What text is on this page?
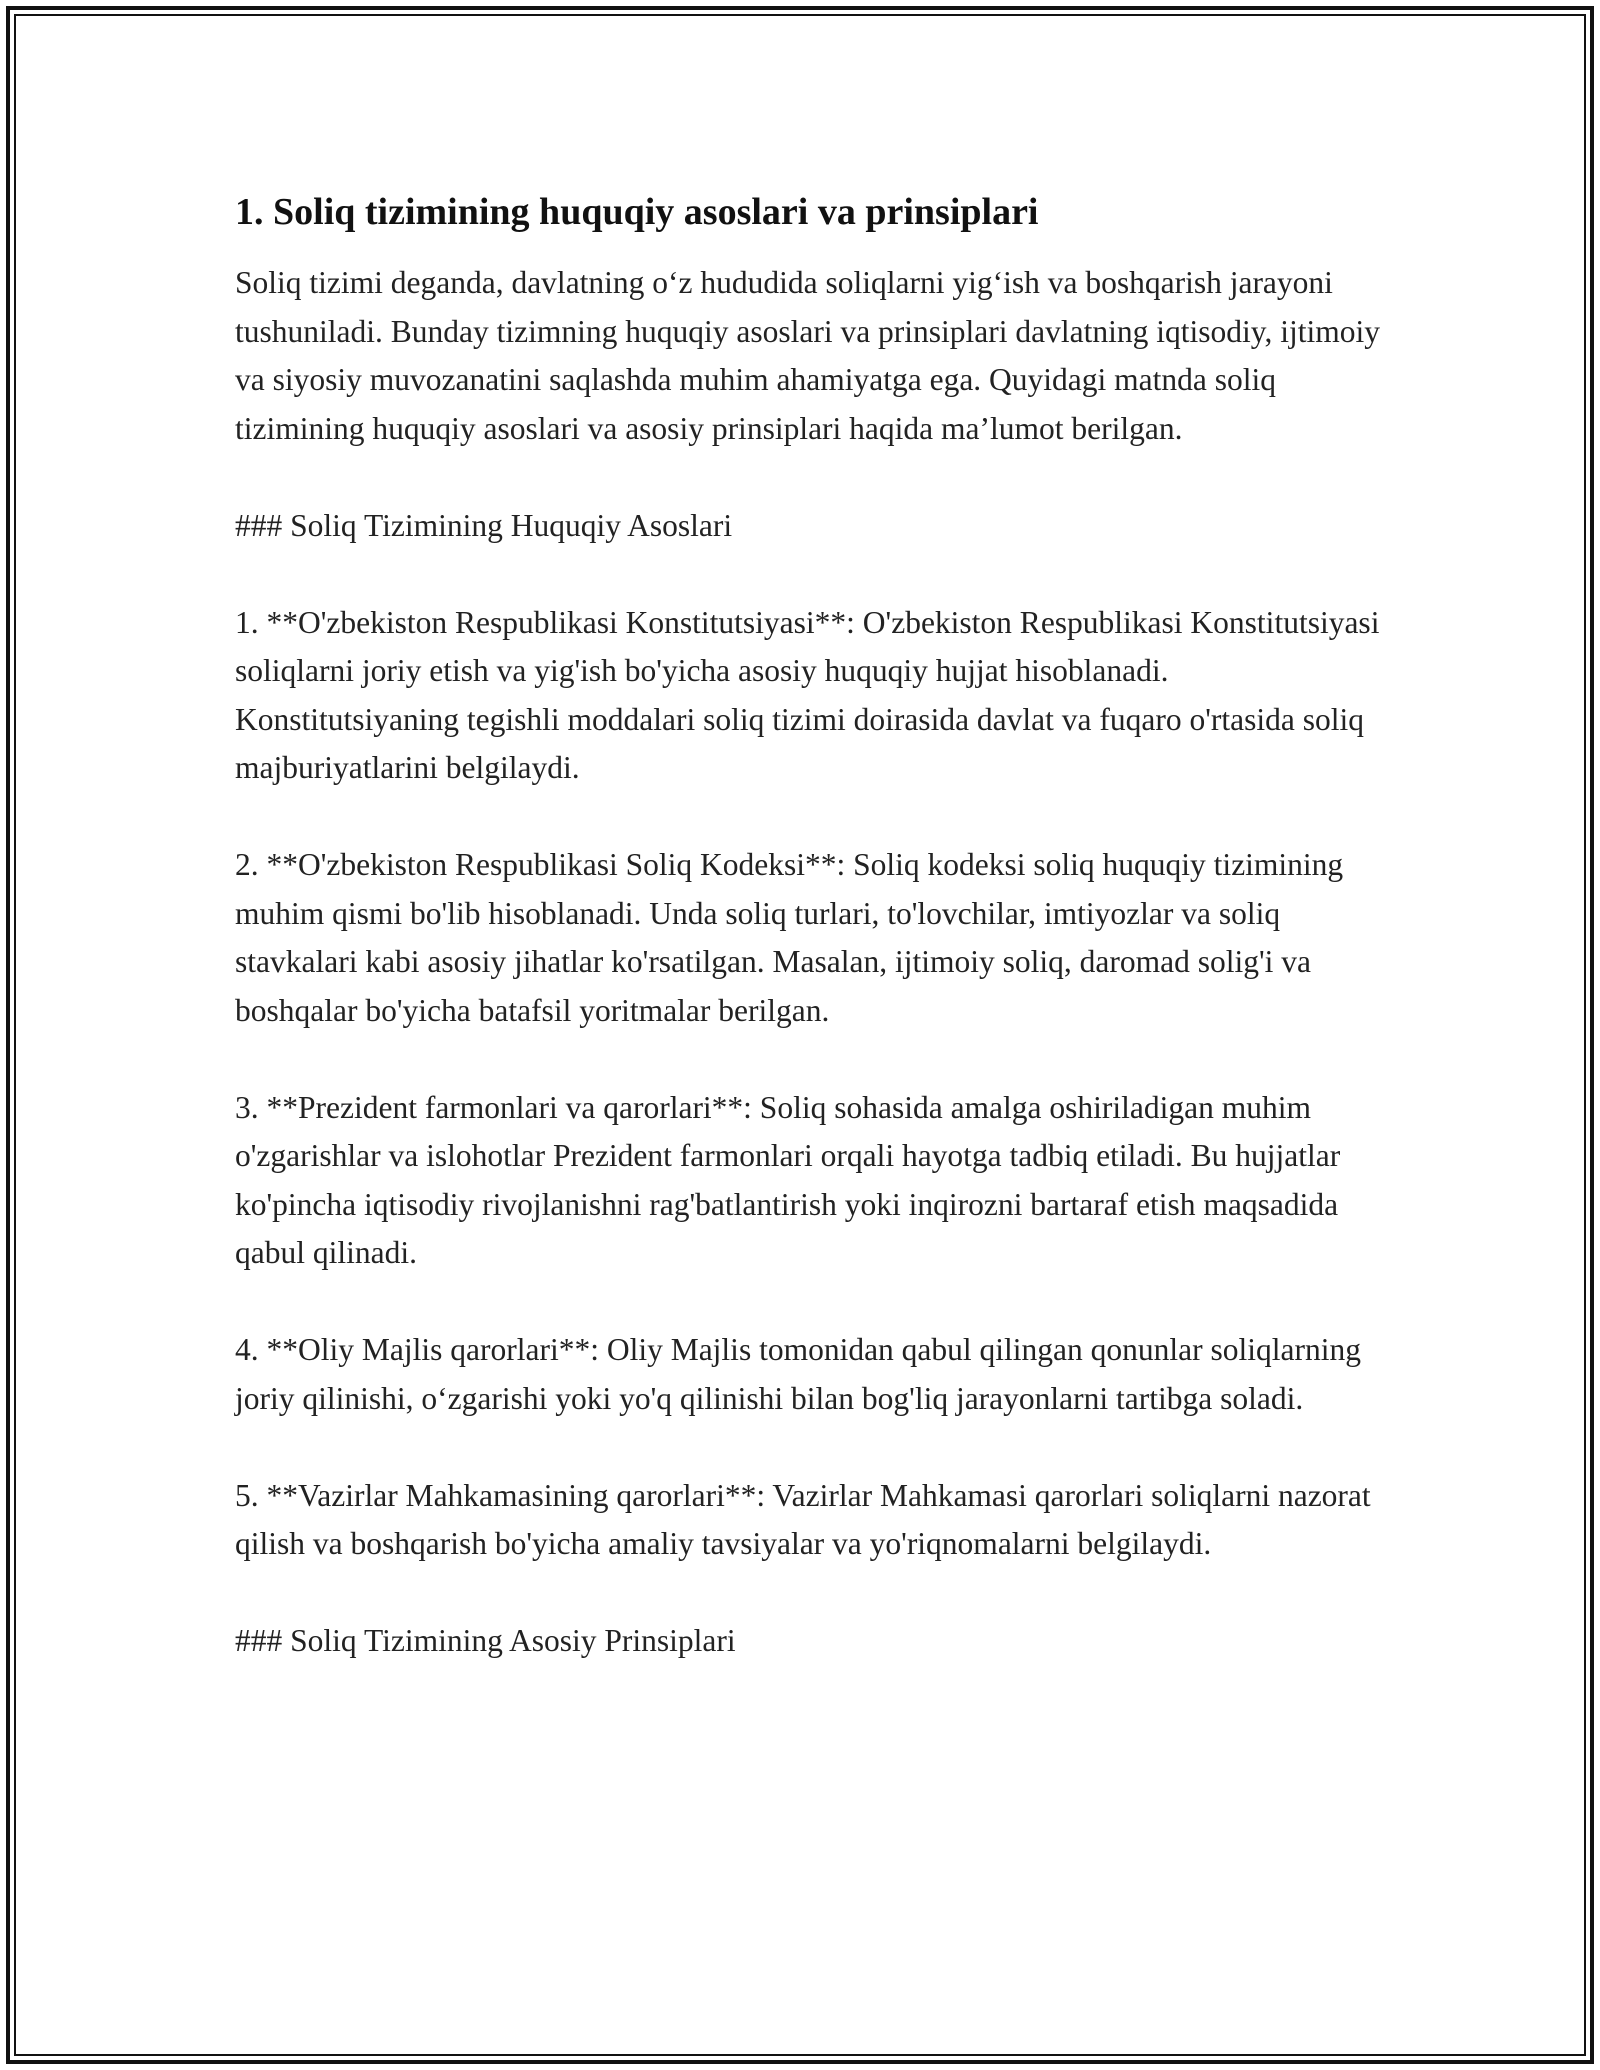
1. Soliq tizimining huquqiy asoslari va prinsiplari

Soliq tizimi deganda, davlatning o‘z hududida soliqlarni yig‘ish va boshqarish jarayoni tushuniladi. Bunday tizimning huquqiy asoslari va prinsiplari davlatning iqtisodiy, ijtimoiy va siyosiy muvozanatini saqlashda muhim ahamiyatga ega. Quyidagi matnda soliq tizimining huquqiy asoslari va asosiy prinsiplari haqida ma’lumot berilgan.

### Soliq Tizimining Huquqiy Asoslari

1. **O'zbekiston Respublikasi Konstitutsiyasi**: O'zbekiston Respublikasi Konstitutsiyasi soliqlarni joriy etish va yig'ish bo'yicha asosiy huquqiy hujjat hisoblanadi. Konstitutsiyaning tegishli moddalari soliq tizimi doirasida davlat va fuqaro o'rtasida soliq majburiyatlarini belgilaydi.

2. **O'zbekiston Respublikasi Soliq Kodeksi**: Soliq kodeksi soliq huquqiy tizimining muhim qismi bo'lib hisoblanadi. Unda soliq turlari, to'lovchilar, imtiyozlar va soliq stavkalari kabi asosiy jihatlar ko'rsatilgan. Masalan, ijtimoiy soliq, daromad solig'i va boshqalar bo'yicha batafsil yoritmalar berilgan.

3. **Prezident farmonlari va qarorlari**: Soliq sohasida amalga oshiriladigan muhim o'zgarishlar va islohotlar Prezident farmonlari orqali hayotga tadbiq etiladi. Bu hujjatlar ko'pincha iqtisodiy rivojlanishni rag'batlantirish yoki inqirozni bartaraf etish maqsadida qabul qilinadi.

4. **Oliy Majlis qarorlari**: Oliy Majlis tomonidan qabul qilingan qonunlar soliqlarning joriy qilinishi, o‘zgarishi yoki yo'q qilinishi bilan bog'liq jarayonlarni tartibga soladi.

5. **Vazirlar Mahkamasining qarorlari**: Vazirlar Mahkamasi qarorlari soliqlarni nazorat qilish va boshqarish bo'yicha amaliy tavsiyalar va yo'riqnomalarni belgilaydi.

### Soliq Tizimining Asosiy Prinsiplari
